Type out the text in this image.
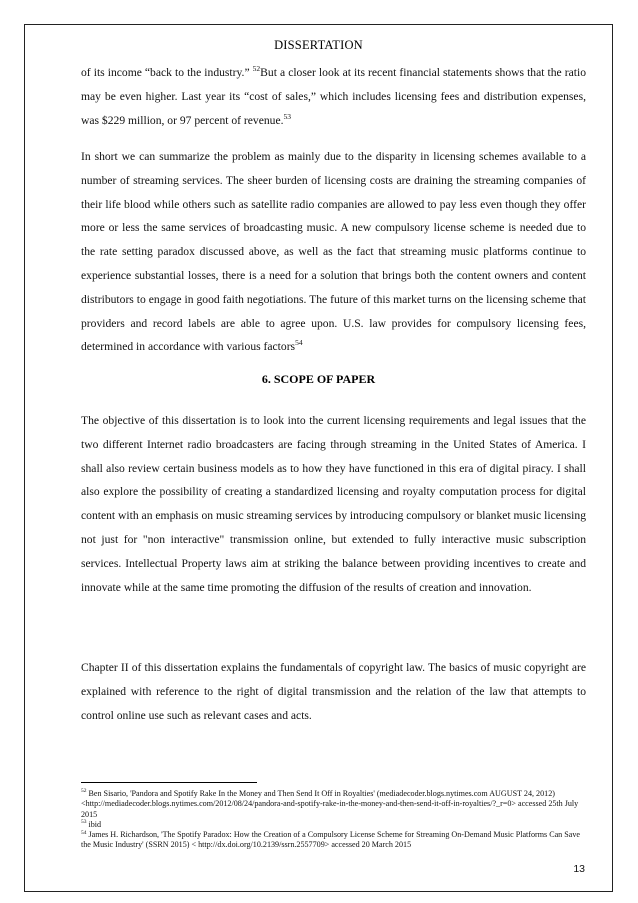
DISSERTATION

of its income “back to the industry.” $^{52}$But a closer look at its recent financial statements shows that the ratio may be even higher. Last year its “cost of sales,” which includes licensing fees and distribution expenses, was $229 million, or 97 percent of revenue.$^{53}$

In short we can summarize the problem as mainly due to the disparity in licensing schemes available to a number of streaming services. The sheer burden of licensing costs are draining the streaming companies of their life blood while others such as satellite radio companies are allowed to pay less even though they offer more or less the same services of broadcasting music. A new compulsory license scheme is needed due to the rate setting paradox discussed above, as well as the fact that streaming music platforms continue to experience substantial losses, there is a need for a solution that brings both the content owners and content distributors to engage in good faith negotiations. The future of this market turns on the licensing scheme that providers and record labels are able to agree upon. U.S. law provides for compulsory licensing fees, determined in accordance with various factors$^{54}$

6. SCOPE OF PAPER

The objective of this dissertation is to look into the current licensing requirements and legal issues that the two different Internet radio broadcasters are facing through streaming in the United States of America. I shall also review certain business models as to how they have functioned in this era of digital piracy. I shall also explore the possibility of creating a standardized licensing and royalty computation process for digital content with an emphasis on music streaming services by introducing compulsory or blanket music licensing not just for "non interactive" transmission online, but extended to fully interactive music subscription services. Intellectual Property laws aim at striking the balance between providing incentives to create and innovate while at the same time promoting the diffusion of the results of creation and innovation.

Chapter II of this dissertation explains the fundamentals of copyright law. The basics of music copyright are explained with reference to the right of digital transmission and the relation of the law that attempts to control online use such as relevant cases and acts.

$^{52}$ Ben Sisario, 'Pandora and Spotify Rake In the Money and Then Send It Off in Royalties' (mediadecoder.blogs.nytimes.com AUGUST 24, 2012) <http://mediadecoder.blogs.nytimes.com/2012/08/24/pandora-and-spotify-rake-in-the-money-and-then-send-it-off-in-royalties/?_r=0> accessed 25th July 2015

$^{53}$ ibid

$^{54}$ James H. Richardson, 'The Spotify Paradox: How the Creation of a Compulsory License Scheme for Streaming On-Demand Music Platforms Can Save the Music Industry' (SSRN 2015) < http://dx.doi.org/10.2139/ssrn.2557709> accessed 20 March 2015

13
